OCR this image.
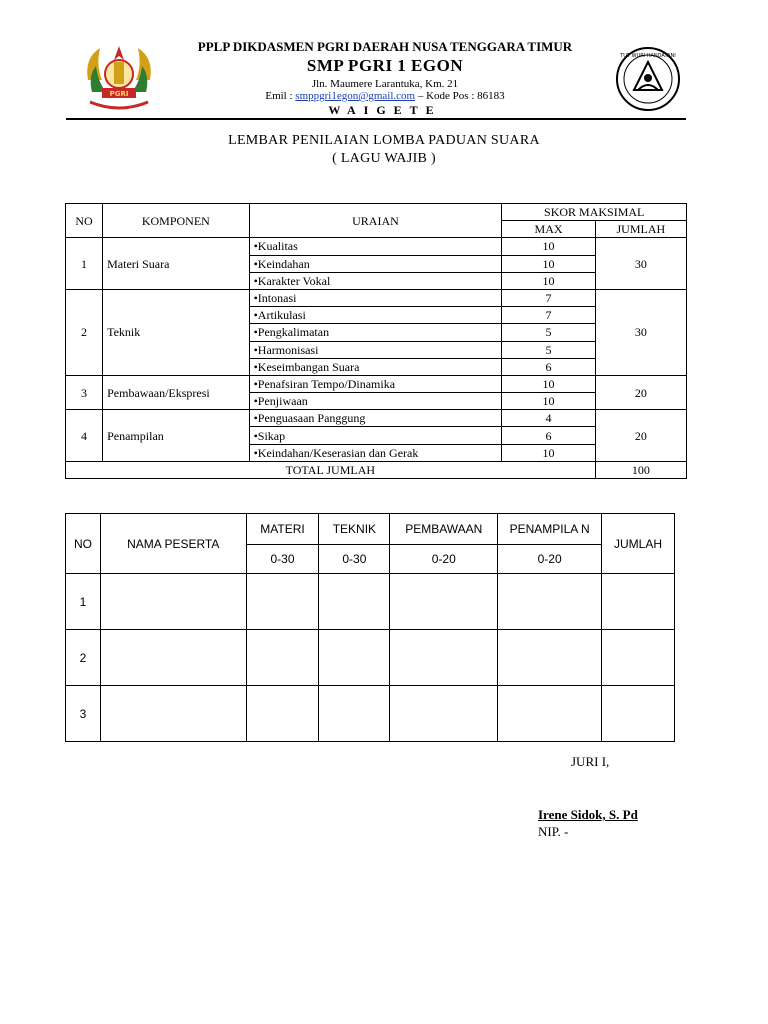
PGRI
PPLP DIKDASMEN PGRI DAERAH NUSA TENGGARA TIMUR
SMP PGRI 1 EGON
Jln. Maumere Larantuka, Km. 21
Emil : smppgri1egon@gmail.com – Kode Pos : 86183
WAIGETE
TUT WURI HANDAYANI
LEMBAR PENILAIAN LOMBA PADUAN SUARA
( LAGU WAJIB )
NO	KOMPONEN	URAIAN	SKOR MAKSIMAL	
			MAX	JUMLAH
1	Materi Suara	• Kualitas	10	30
		• Keindahan	10	
		• Karakter Vokal	10	
2	Teknik	• Intonasi	7	30
		• Artikulasi	7	
		• Pengkalimatan	5	
		• Harmonisasi	5	
		• Keseimbangan Suara	6	
3	Pembawaan/Ekspresi	• Penafsiran Tempo/Dinamika	10	20
		• Penjiwaan	10	
4	Penampilan	• Penguasaan Panggung	4	20
		• Sikap	6	
		• Keindahan/Keserasian dan Gerak	10	
TOTAL JUMLAH				100
NO	NAMA PESERTA	MATERI	TEKNIK	PEMBAWAAN	PENAMPILA N	JUMLAH
		0-30	0-30	0-20	0-20	
1						
2						
3						
JURI I,
Irene Sidok, S. Pd
NIP. -
